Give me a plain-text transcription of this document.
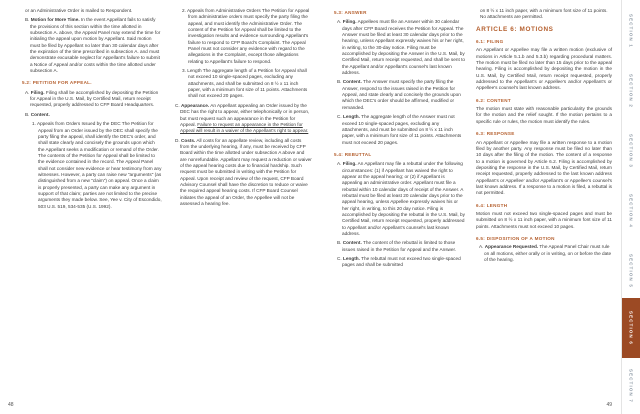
or an Administrative Order is mailed to Respondent.

B. Motion for More Time. In the event Appellant fails to satisfy the provisions of this section within the time allotted in subsection A. above, the Appeal Panel may extend the time for initialing the appeal upon motion by Appellant. Said motion must be filed by Appellant no later than 30 calendar days after the expiration of the time prescribed in subsection A. and must demonstrate excusable neglect for Appellant's failure to submit a Notice of Appeal and/or costs within the time allotted under subsection A.

5.2: PETITION FOR APPEAL.

A. Filing. Filing shall be accomplished by depositing the Petition for Appeal in the U.S. Mail, by Certified Mail, return receipt requested, properly addressed to CFP Board Headquarters.

B. Content.

1. Appeals from Orders Issued by the DEC The Petition for Appeal from an Order issued by the DEC shall specify the party filing the appeal, shall identify the DEC's order, and shall state clearly and concisely the grounds upon which the Appellant seeks a modification or remand of the Order. The contents of the Petition for Appeal shall be limited to the evidence contained in the record. The Appeal Panel shall not consider new evidence or hear testimony from any witnesses. However, a party can raise new "arguments" (as distinguished from a new "claim") on appeal. Once a claim is properly presented, a party can make any argument in support of that claim; parties are not limited to the precise arguments they made below. See, Yee v. City of Escondido, 503 U.S. 519, 534-535 (U.S. 1992).

2. Appeals from Administrative Orders The Petition for Appeal from administrative orders must specify the party filing the appeal, and must identify the Administrative Order. The content of the Petition for Appeal shall be limited to the investigation results and evidence surrounding Appellant's failure to respond to CFP Board's Complaint. The Appeal Panel must not consider any evidence with regard to the allegations in the Complaint, except those allegations relating to Appellant's failure to respond.

3. Length The aggregate length of a Petition for Appeal shall not exceed 10 single-spaced pages, excluding any attachments, and shall be submitted on 8 ½ x 11 inch paper, with a minimum font size of 11 points. Attachments shall not exceed 20 pages.

C. Appearance. An Appellant appealing an Order issued by the DEC has the right to appear, either telephonically or in person, but must request such an appearance in the Petition for Appeal. Failure to request an appearance in the Petition for Appeal will result in a waiver of the Appellant's right to appear.

D. Costs. All costs for an appellate review, including all costs from the underlying hearing, if any, must be received by CFP Board within the time allotted under subsection A above and are nonrefundable. Appellant may request a reduction or waiver of the appeal hearing costs due to financial hardship. Such request must be submitted in writing with the Petition for Appeal. Upon receipt and review of the request, CFP Board Advisory Counsel shall have the discretion to reduce or waive the required appeal hearing costs. If CFP Board Counsel initiates the appeal of an Order, the Appellee will not be assessed a hearing fee.

48
5.3: ANSWER

A. Filing. Appellees must file an Answer within 30 calendar days after CFP Board receives the Petition for Appeal. The Answer must be filed at least 30 calendar days prior to the hearing, unless Appellant expressly waives his or her right, in writing, to the 30-day notice. Filing must be accomplished by depositing the Answer in the U.S. Mail, by Certified Mail, return receipt requested, and shall be sent to the Appellant and/or Appellant's counsel's last known address.

B. Content. The Answer must specify the party filing the Answer, respond to the issues raised in the Petition for Appeal, and state clearly and concisely the grounds upon which the DEC's order should be affirmed, modified or remanded.

C. Length. The aggregate length of the Answer must not exceed 10 single-spaced pages, excluding any attachments, and must be submitted on 8 ½ x 11 inch paper, with a minimum font size of 11 points. Attachments must not exceed 20 pages.

5.4: REBUTTAL

A. Filing. An Appellant may file a rebuttal under the following circumstances: (1) if Appellant has waived the right to appear at the appeal hearing; or (2) if Appellant is appealing an administrative order. Appellant must file a rebuttal within 10 calendar days of receipt of the Answer. A rebuttal must be filed at least 20 calendar days prior to the appeal hearing, unless Appellee expressly waives his or her right, in writing, to this 20 day notice. Filing is accomplished by depositing the rebuttal in the U.S. Mail, by Certified Mail, return receipt requested, properly addressed to Appellant and/or Appellant's counsel's last known address.

B. Content. The content of the rebuttal is limited to those issues raised in the Petition for Appeal and the Answer.

C. Length. The rebuttal must not exceed two single-spaced pages and shall be submitted

on 8 ½ x 11 inch paper, with a minimum font size of 11 points. No attachments are permitted.

ARTICLE 6: MOTIONS
6.1: FILING

An Appellant or Appellee may file a written motion (exclusive of motions in Article 5.1.b and 5.3.b) regarding procedural matters. The motion must be filed no later than 15 days prior to the appeal hearing. Filing is accomplished by depositing the motion in the U.S. Mail, by Certified Mail, return receipt requested, properly addressed to the Appellant's or Appellee's and/or Appellant's or Appellee's counsel's last known address.

6.2: CONTENT

The motion must state with reasonable particularity the grounds for the motion and the relief sought. If the motion pertains to a specific rule or rules, the motion must identify the rules.

6.3: RESPONSE

An Appellant or Appellee may file a written response to a motion filed by another party. Any response must be filed no later than 10 days after the filing of the motion. The content of a response to a motion is governed by Article 6.2. Filing is accomplished by depositing the response in the U.S. Mail, by Certified Mail, return receipt requested, properly addressed to the last known address Appellant's or Appellee' and/or Appellant's or Appellee's counsel's last known address. If a response to a motion is filed, a rebuttal is not permitted.

6.4: LENGTH

Motion must not exceed two single-spaced pages and must be submitted on 8 ½ x 11 inch paper, with a minimum font size of 11 points. Attachments must not exceed 10 pages.

6.5: DISPOSITION OF A MOTION

A. Appearance Requested. The Appeal Panel Chair must rule on all motions, either orally or in writing, on or before the date of the hearing.

49
SECTION 1
SECTION 2
SECTION 3
SECTION 4
SECTION 5
SECTION 6
SECTION 7
